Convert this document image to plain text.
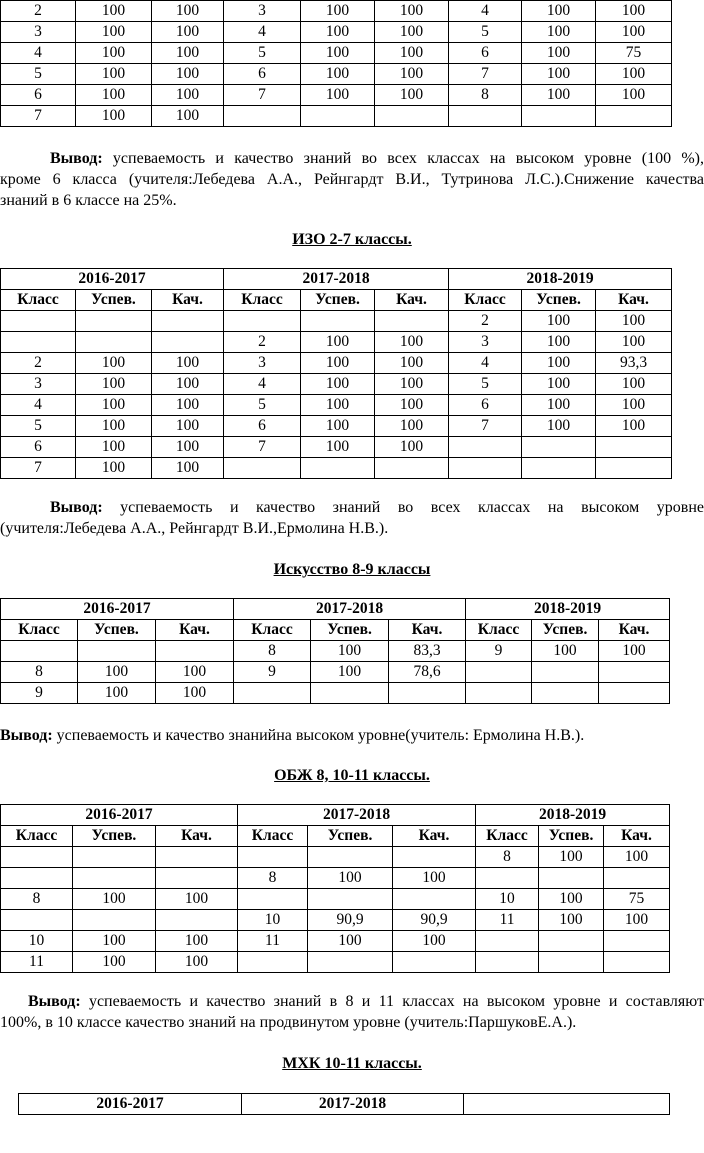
2	100	100	3	100	100	4	100	100
3	100	100	4	100	100	5	100	100
4	100	100	5	100	100	6	100	75
5	100	100	6	100	100	7	100	100
6	100	100	7	100	100	8	100	100
7	100	100						

Вывод: успеваемость и качество знаний во всех классах на высоком уровне (100 %),

кроме 6 класса (учителя:Лебедева А.А., Рейнгардт В.И., Тутринова Л.С.).Снижение качества

знаний в 6 классе на 25%.

ИЗО 2-7 классы.

2016-2017			2017-2018			2018-2019		
Класс	Успев.	Кач.	Класс	Успев.	Кач.	Класс	Успев.	Кач.
						2	100	100
			2	100	100	3	100	100
2	100	100	3	100	100	4	100	93,3
3	100	100	4	100	100	5	100	100
4	100	100	5	100	100	6	100	100
5	100	100	6	100	100	7	100	100
6	100	100	7	100	100			
7	100	100						

Вывод: успеваемость и качество знаний во всех классах на высоком уровне

(учителя:Лебедева А.А., Рейнгардт В.И.,Ермолина Н.В.).

Искусство 8-9 классы

2016-2017			2017-2018			2018-2019		
Класс	Успев.	Кач.	Класс	Успев.	Кач.	Класс	Успев.	Кач.
			8	100	83,3	9	100	100
8	100	100	9	100	78,6			
9	100	100						

Вывод: успеваемость и качество знанийна высоком уровне(учитель: Ермолина Н.В.).

ОБЖ 8, 10-11 классы.

2016-2017			2017-2018			2018-2019		
Класс	Успев.	Кач.	Класс	Успев.	Кач.	Класс	Успев.	Кач.
						8	100	100
			8	100	100			
8	100	100				10	100	75
			10	90,9	90,9	11	100	100
10	100	100	11	100	100			
11	100	100						

Вывод: успеваемость и качество знаний в 8 и 11 классах на высоком уровне и составляют

100%, в 10 классе качество знаний на продвинутом уровне (учитель:ПаршуковЕ.А.).

МХК 10-11 классы.

2016-2017	2017-2018	
